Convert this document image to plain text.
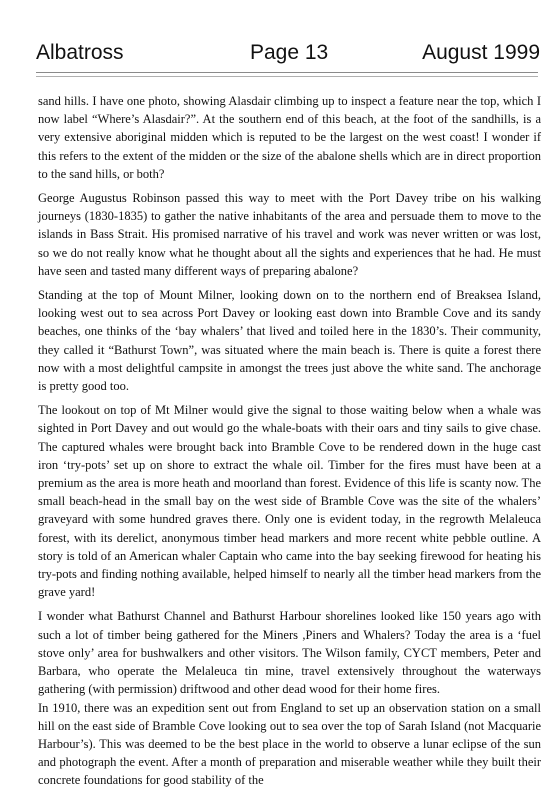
Albatross	Page 13	August 1999

sand hills. I have one photo, showing Alasdair climbing up to inspect a feature near the top, which I now label “Where’s Alasdair?”. At the southern end of this beach, at the foot of the sandhills, is a very extensive aboriginal midden which is reputed to be the largest on the west coast! I wonder if this refers to the extent of the midden or the size of the abalone shells which are in direct proportion to the sand hills, or both?

George Augustus Robinson passed this way to meet with the Port Davey tribe on his walking journeys (1830-1835) to gather the native inhabitants of the area and persuade them to move to the islands in Bass Strait. His promised narrative of his travel and work was never written or was lost, so we do not really know what he thought about all the sights and experiences that he had. He must have seen and tasted many different ways of preparing abalone?

Standing at the top of Mount Milner, looking down on to the northern end of Breaksea Island, looking west out to sea across Port Davey or looking east down into Bramble Cove and its sandy beaches, one thinks of the ‘bay whalers’ that lived and toiled here in the 1830’s. Their community, they called it “Bathurst Town”, was situated where the main beach is. There is quite a forest there now with a most delightful campsite in amongst the trees just above the white sand. The anchorage is pretty good too.

The lookout on top of Mt Milner would give the signal to those waiting below when a whale was sighted in Port Davey and out would go the whale-boats with their oars and tiny sails to give chase. The captured whales were brought back into Bramble Cove to be rendered down in the huge cast iron ‘try-pots’ set up on shore to extract the whale oil. Timber for the fires must have been at a premium as the area is more heath and moorland than forest. Evidence of this life is scanty now. The small beach-head in the small bay on the west side of Bramble Cove was the site of the whalers’ graveyard with some hundred graves there. Only one is evident today, in the regrowth Melaleuca forest, with its derelict, anonymous timber head markers and more recent white pebble outline. A story is told of an American whaler Captain who came into the bay seeking firewood for heating his try-pots and finding nothing available, helped himself to nearly all the timber head markers from the grave yard!

I wonder what Bathurst Channel and Bathurst Harbour shorelines looked like 150 years ago with such a lot of timber being gathered for the Miners ,Piners and Whalers? Today the area is a ‘fuel stove only’ area for bushwalkers and other visitors. The Wilson family, CYCT members, Peter and Barbara, who operate the Melaleuca tin mine, travel extensively throughout the waterways gathering (with permission) driftwood and other dead wood for their home fires.

In 1910, there was an expedition sent out from England to set up an observation station on a small hill on the east side of Bramble Cove looking out to sea over the top of Sarah Island (not Macquarie Harbour’s). This was deemed to be the best place in the world to observe a lunar eclipse of the sun and photograph the event. After a month of preparation and miserable weather while they built their concrete foundations for good stability of the
